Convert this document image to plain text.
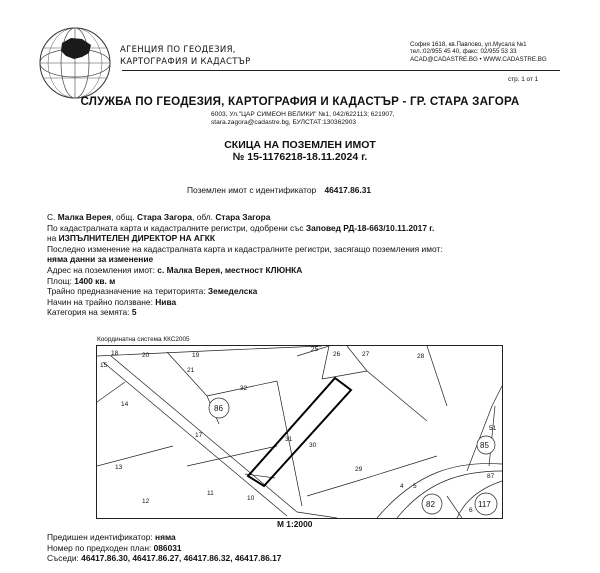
АГЕНЦИЯ ПО ГЕОДЕЗИЯ,
КАРТОГРАФИЯ И КАДАСТЪР
София 1618, кв.Павлово, ул.Мусала №1
тел.:02/955 45 40, факс: 02/955 53 33
ACAD@CADASTRE.BG • WWW.CADASTRE.BG
стр. 1 от 1
СЛУЖБА ПО ГЕОДЕЗИЯ, КАРТОГРАФИЯ И КАДАСТЪР - ГР. СТАРА ЗАГОРА
6003, Ул."ЦАР СИМЕОН ВЕЛИКИ" №1, 042/622113; 621907,
stara.zagora@cadastre.bg, БУЛСТАТ:130362903
СКИЦА НА ПОЗЕМЛЕН ИМОТ
№ 15-1176218-18.11.2024 г.
Поземлен имот с идентификатор 46417.86.31
С. Малка Верея, общ. Стара Загора, обл. Стара Загора
По кадастралната карта и кадастралните регистри, одобрени със Заповед РД-18-663/10.11.2017 г.
на ИЗПЪЛНИТЕЛЕН ДИРЕКТОР НА АГКК
Последно изменение на кадастралната карта и кадастралните регистри, засягащо поземления имот:
няма данни за изменение
Адрес на поземления имот: с. Малка Верея, местност КЛЮНКА
Площ: 1400 кв. м
Трайно предназначение на територията: Земеделска
Начин на трайно ползване: Нива
Категория на земята: 5
Координатна система ККС2005
18	20	19
15
21
25
26	27	28
32
14	86
31
30
17
13	29
85
87
10
11
12	82	117
6
5
4
51
М 1:2000
Предишен идентификатор: няма
Номер по предходен план: 086031
Съседи: 46417.86.30, 46417.86.27, 46417.86.32, 46417.86.17
